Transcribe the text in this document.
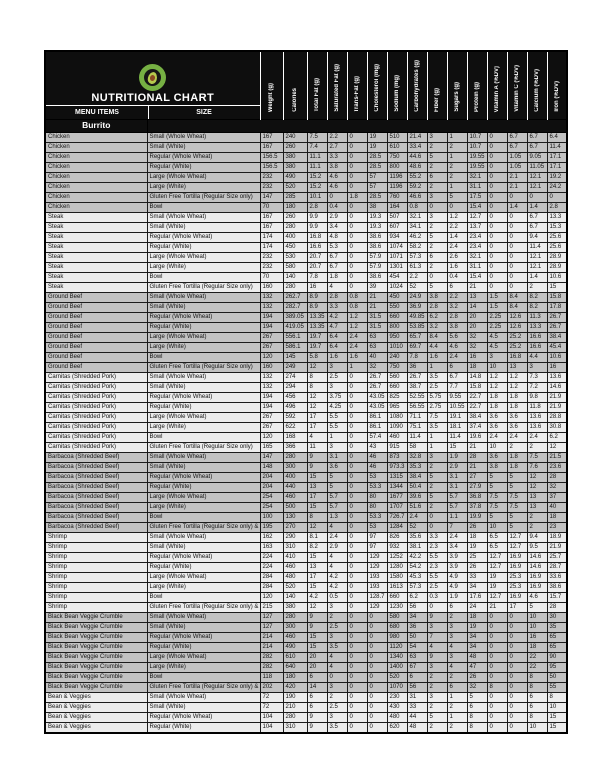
NUTRITIONAL CHART
MENU ITEMS SIZE		Weight (g)	Calories	Total Fat (g)	Saturated Fat (g)	Trans-Fat (g)	Cholesterol (mg)	Sodium (mg)	Carbohydrates (g)	Fiber (g)	Sugars (g)	Protein (g)	Vitamin A (%DV)	Vitamin C (%DV)	Calcium (%DV)	Iron (%DV)
Burrito																
Chicken	Small (Whole Wheat)	167	240	7.5	2.2	0	19	510	21.4	3	1	10.7	0	6.7	6.7	6.4
Chicken	Small (White)	167	260	7.4	2.7	0	19	610	33.4	2	2	10.7	0	6.7	6.7	11.4
Chicken	Regular (Whole Wheat)	156.5	380	11.1	3.3	0	28.5	750	44.6	5	1	19.55	0	1.05	9.05	17.1
Chicken	Regular (White)	156.5	380	11.1	3.8	0	28.5	800	48.6	2	2	19.55	0	1.05	11.05	17.1
Chicken	Large (Whole Wheat)	232	490	15.2	4.6	0	57	1196	55.2	6	2	32.1	0	2.1	12.1	19.2
Chicken	Large (White)	232	520	15.2	4.6	0	57	1196	59.2	2	1	31.1	0	2.1	12.1	24.2
Chicken	Gluten Free Tortilla (Regular Size only)	147	285	10.1	0	1.8	28.5	760	46.6	3	5	17.5	0	0	0	0
Chicken	Bowl	70	180	2.8	0.4	0	38	164	0.8	0	0	15.4	0	1.4	1.4	2.8
Steak	Small (Whole Wheat)	167	260	9.9	2.9	0	19.3	507	32.1	3	1.2	12.7	0	0	6.7	13.3
Steak	Small (White)	167	280	9.9	3.4	0	19.3	607	34.1	2	2.2	13.7	0	0	6.7	15.3
Steak	Regular (Whole Wheat)	174	400	16.8	4.8	0	38.6	934	46.2	5	1.4	23.4	0	0	9.4	25.6
Steak	Regular (White)	174	450	16.6	5.3	0	38.6	1074	58.2	2	2.4	23.4	0	0	11.4	25.6
Steak	Large (Whole Wheat)	232	530	20.7	6.7	0	57.9	1071	57.3	6	2.6	32.1	0	0	12.1	28.9
Steak	Large (White)	232	580	20.7	6.7	0	57.9	1301	61.3	2	1.6	31.1	0	0	12.1	28.9
Steak	Bowl	70	140	7.8	1.8	0	38.6	454	2.2	0	0.4	15.4	0	0	1.4	10.6
Steak	Gluten Free Tortilla (Regular Size only)	160	280	16	4	0	39	1024	52	5	6	21	0	0	2	15
Ground Beef	Small (Whole Wheat)	132	262.7	8.9	2.8	0.8	21	450	24.9	3.8	2.2	13	1.5	8.4	8.2	15.8
Ground Beef	Small (White)	132	282.7	8.9	3.3	0.8	21	550	36.9	2.8	3.2	14	1.5	8.4	8.2	17.8
Ground Beef	Regular (Whole Wheat)	194	389.05	13.35	4.2	1.2	31.5	660	49.85	6.2	2.8	20	2.25	12.6	11.3	26.7
Ground Beef	Regular (White)	194	419.05	13.35	4.7	1.2	31.5	800	53.85	3.2	3.8	20	2.25	12.6	13.3	26.7
Ground Beef	Large (Whole Wheat)	267	556.1	19.7	6.4	2.4	63	950	65.7	8.4	5.6	32	4.5	25.2	16.6	38.4
Ground Beef	Large (White)	267	586.1	19.7	6.4	2.4	63	1010	69.7	4.4	4.6	32	4.5	25.2	16.6	45.4
Ground Beef	Bowl	120	145	5.8	1.6	1.6	40	240	7.8	1.6	2.4	16	3	16.8	4.4	10.6
Ground Beef	Gluten Free Tortilla (Regular Size only)	160	249	12	3	1	32	750	36	1	6	18	10	13	3	16
Carnitas (Shredded Pork)	Small (Whole Wheat)	132	274	8	2.5	0	26.7	560	26.7	3.5	6.7	14.8	1.2	1.2	7.3	13.6
Carnitas (Shredded Pork)	Small (White)	132	294	8	3	0	26.7	660	38.7	2.5	7.7	15.8	1.2	1.2	7.2	14.6
Carnitas (Shredded Pork)	Regular (Whole Wheat)	194	456	12	3.75	0	43.05	825	52.55	5.75	9.55	22.7	1.8	1.8	9.8	21.9
Carnitas (Shredded Pork)	Regular (White)	194	496	12	4.25	0	43.05	965	56.55	2.75	10.55	22.7	1.8	1.8	11.8	21.9
Carnitas (Shredded Pork)	Large (Whole Wheat)	267	592	17	5.5	0	86.1	1080	71.1	7.5	19.1	38.4	3.6	3.6	13.6	28.8
Carnitas (Shredded Pork)	Large (White)	267	622	17	5.5	0	86.1	1090	75.1	3.5	18.1	37.4	3.6	3.6	13.6	30.8
Carnitas (Shredded Pork)	Bowl	120	168	4	1	0	57.4	460	11.4	1	11.4	19.6	2.4	2.4	2.4	6.2
Carnitas (Shredded Pork)	Gluten Free Tortilla (Regular Size only)	165	366	11	3	0	43	915	58	1	15	21	10	2	2	12
Barbacoa (Shredded Beef)	Small (Whole Wheat)	147	280	9	3.1	0	46	873	32.8	3	1.9	28	3.6	1.8	7.5	21.5
Barbacoa (Shredded Beef)	Small (White)	148	300	9	3.6	0	46	973.3	35.3	2	2.9	21	3.8	1.8	7.6	23.6
Barbacoa (Shredded Beef)	Regular (Whole Wheat)	204	400	15	5	0	53	1315	38.4	5	3.1	27	5	5	12	28
Barbacoa (Shredded Beef)	Regular (White)	204	440	13	5	0	53.3	1344	50.4	2	3.1	27.9	5	5	12	32
Barbacoa (Shredded Beef)	Large (Whole Wheat)	254	460	17	5.7	0	80	1677	39.6	5	5.7	36.8	7.5	7.5	13	37
Barbacoa (Shredded Beef)	Large (White)	254	500	15	5.7	0	80	1707	51.6	2	5.7	37.8	7.5	7.5	13	40
Barbacoa (Shredded Beef)	Bowl	100	130	8	1.3	0	53.3	726.7	2.4	0	1.1	19.9	5	5	2	18
Barbacoa (Shredded Beef)	Gluten Free Tortilla (Regular Size only) &	195	270	12	4	0	53	1284	52	0	7	26	10	5	2	23
Shrimp	Small (Whole Wheat)	162	290	8.1	2.4	0	97	826	35.6	3.3	2.4	18	6.5	12.7	9.4	18.9
Shrimp	Small (White)	163	310	8.2	2.9	0	97	932	38.1	2.3	3.4	19	6.5	12.7	9.5	21.9
Shrimp	Regular (Whole Wheat)	224	410	15	4	0	129	1252	42.2	5.5	3.9	25	12.7	16.9	14.6	25.7
Shrimp	Regular (White)	224	460	13	4	0	129	1280	54.2	2.3	3.9	26	12.7	16.9	14.6	28.7
Shrimp	Large (Whole Wheat)	284	480	17	4.2	0	193	1580	45.3	5.5	4.9	33	19	25.3	16.9	33.6
Shrimp	Large (White)	284	520	15	4.2	0	193	1613	57.3	2.5	4.9	34	19	25.3	16.9	38.6
Shrimp	Bowl	120	140	4.2	0.5	0	128.7	660	6.2	0.3	1.9	17.6	12.7	16.9	4.6	15.7
Shrimp	Gluten Free Tortilla (Regular Size only) &	215	380	12	3	0	129	1230	56	0	6	24	21	17	5	28
Black Bean Veggie Crumble	Small (Whole Wheat)	127	280	9	2	0	0	580	34	9	2	18	0	0	10	30
Black Bean Veggie Crumble	Small (White)	127	300	9	2.5	0	0	680	36	3	3	19	0	0	10	35
Black Bean Veggie Crumble	Regular (Whole Wheat)	214	460	15	3	0	0	980	50	7	3	34	0	0	16	65
Black Bean Veggie Crumble	Regular (White)	214	490	15	3.5	0	0	1120	54	4	4	34	0	0	18	65
Black Bean Veggie Crumble	Large (Whole Wheat)	282	610	20	4	0	0	1340	63	9	3	48	0	0	22	90
Black Bean Veggie Crumble	Large (White)	282	640	20	4	0	0	1400	67	3	4	47	0	0	22	95
Black Bean Veggie Crumble	Bowl	118	180	6	0	0	0	520	6	2	2	26	0	0	8	50
Black Bean Veggie Crumble	Gluten Free Tortilla (Regular Size only) &	202	420	14	3	0	0	1070	56	2	6	32	8	0	8	55
Bean & Veggies	Small (Whole Wheat)	72	190	6	2	0	0	230	31	3	1	5	0	0	6	8
Bean & Veggies	Small (White)	72	210	6	2.5	0	0	430	33	2	2	6	0	0	6	10
Bean & Veggies	Regular (Whole Wheat)	104	280	9	3	0	0	480	44	5	1	8	0	0	8	15
Bean & Veggies	Regular (White)	104	310	9	3.5	0	0	620	48	2	2	8	0	0	10	15
